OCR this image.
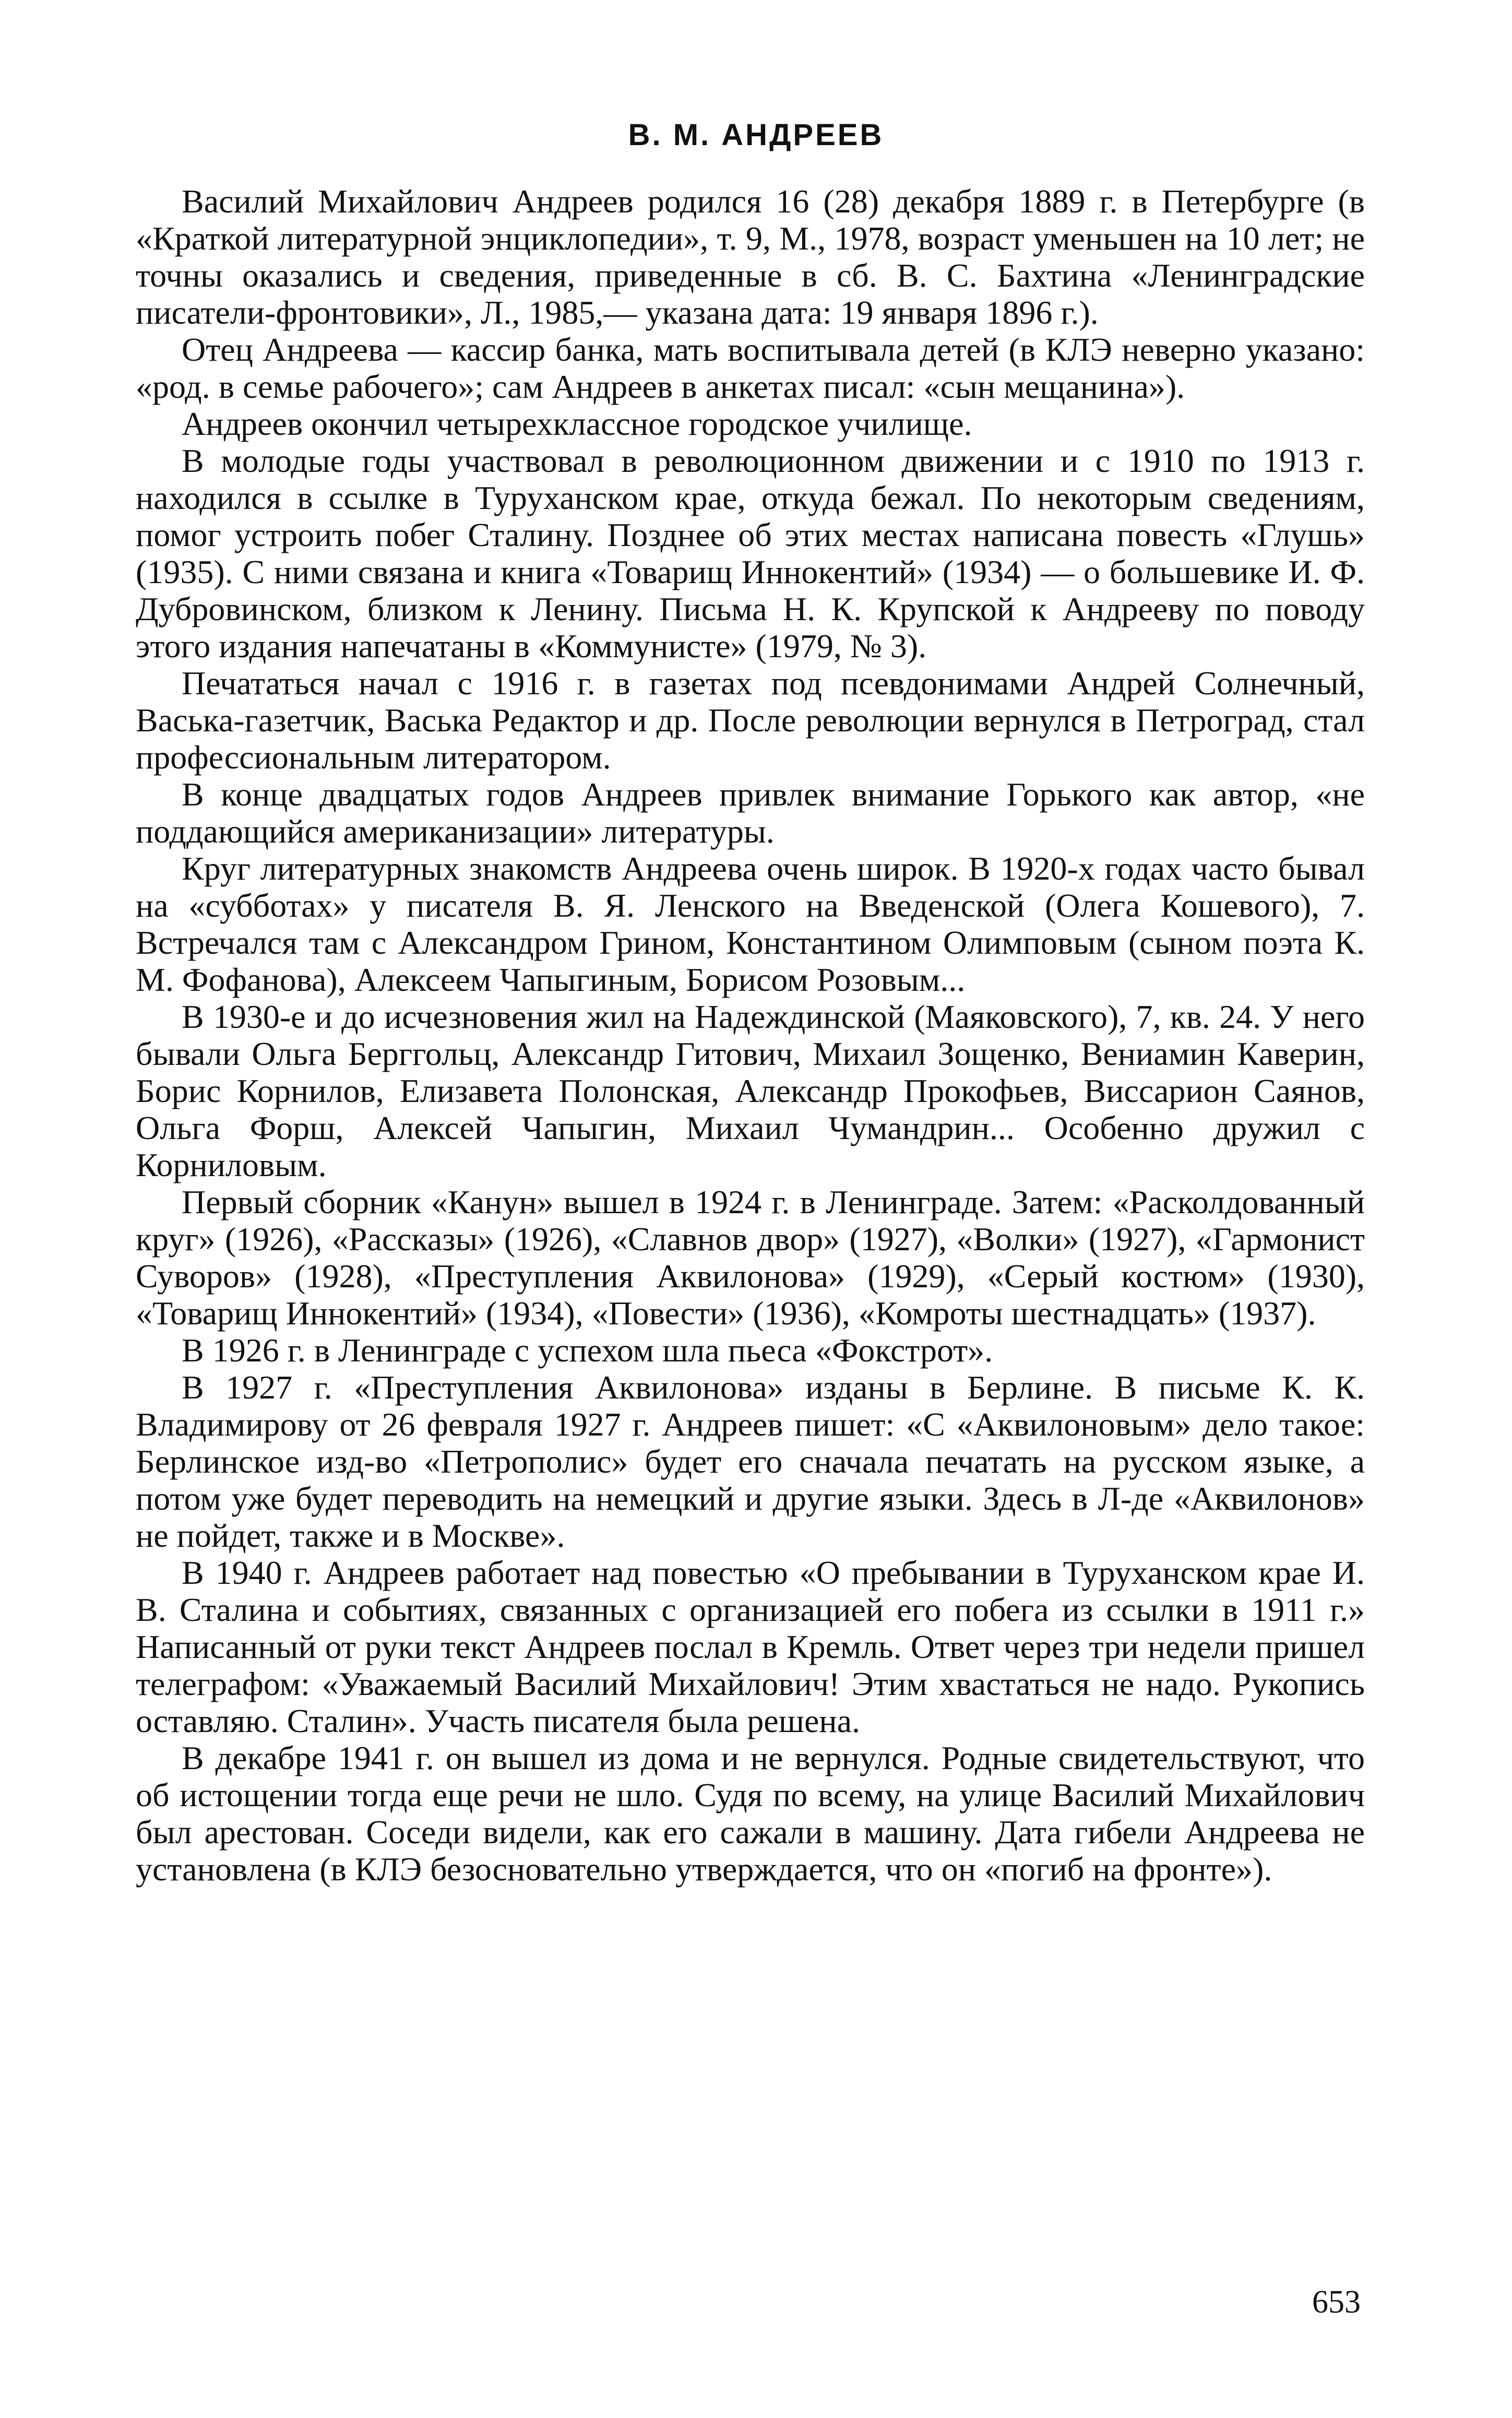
В. М. АНДРЕЕВ

Василий Михайлович Андреев родился 16 (28) декабря 1889 г. в Петербурге (в «Краткой литературной энциклопедии», т. 9, М., 1978, возраст уменьшен на 10 лет; не точны оказались и сведения, приведенные в сб. В. С. Бахтина «Ленинградские писатели-фронтовики», Л., 1985,— указана дата: 19 января 1896 г.).

Отец Андреева — кассир банка, мать воспитывала детей (в КЛЭ неверно указано: «род. в семье рабочего»; сам Андреев в анкетах писал: «сын мещанина»).

Андреев окончил четырехклассное городское училище.

В молодые годы участвовал в революционном движении и с 1910 по 1913 г. находился в ссылке в Туруханском крае, откуда бежал. По некоторым сведениям, помог устроить побег Сталину. Позднее об этих местах написана повесть «Глушь» (1935). С ними связана и книга «Товарищ Иннокентий» (1934) — о большевике И. Ф. Дубровинском, близком к Ленину. Письма Н. К. Крупской к Андрееву по поводу этого издания напечатаны в «Коммунисте» (1979, № 3).

Печататься начал с 1916 г. в газетах под псевдонимами Андрей Солнечный, Васька-газетчик, Васька Редактор и др. После революции вернулся в Петроград, стал профессиональным литератором.

В конце двадцатых годов Андреев привлек внимание Горького как автор, «не поддающийся американизации» литературы.

Круг литературных знакомств Андреева очень широк. В 1920-х годах часто бывал на «субботах» у писателя В. Я. Ленского на Введенской (Олега Кошевого), 7. Встречался там с Александром Грином, Константином Олимповым (сыном поэта К. М. Фофанова), Алексеем Чапыгиным, Борисом Розовым...

В 1930-е и до исчезновения жил на Надеждинской (Маяковского), 7, кв. 24. У него бывали Ольга Берггольц, Александр Гитович, Михаил Зощенко, Вениамин Каверин, Борис Корнилов, Елизавета Полонская, Александр Прокофьев, Виссарион Саянов, Ольга Форш, Алексей Чапыгин, Михаил Чумандрин... Особенно дружил с Корниловым.

Первый сборник «Канун» вышел в 1924 г. в Ленинграде. Затем: «Расколдованный круг» (1926), «Рассказы» (1926), «Славнов двор» (1927), «Волки» (1927), «Гармонист Суворов» (1928), «Преступления Аквилонова» (1929), «Серый костюм» (1930), «Товарищ Иннокентий» (1934), «Повести» (1936), «Комроты шестнадцать» (1937).

В 1926 г. в Ленинграде с успехом шла пьеса «Фокстрот».

В 1927 г. «Преступления Аквилонова» изданы в Берлине. В письме К. К. Владимирову от 26 февраля 1927 г. Андреев пишет: «С «Аквилоновым» дело такое: Берлинское изд-во «Петрополис» будет его сначала печатать на русском языке, а потом уже будет переводить на немецкий и другие языки. Здесь в Л-де «Аквилонов» не пойдет, также и в Москве».

В 1940 г. Андреев работает над повестью «О пребывании в Туруханском крае И. В. Сталина и событиях, связанных с организацией его побега из ссылки в 1911 г.» Написанный от руки текст Андреев послал в Кремль. Ответ через три недели пришел телеграфом: «Уважаемый Василий Михайлович! Этим хвастаться не надо. Рукопись оставляю. Сталин». Участь писателя была решена.

В декабре 1941 г. он вышел из дома и не вернулся. Родные свидетельствуют, что об истощении тогда еще речи не шло. Судя по всему, на улице Василий Михайлович был арестован. Соседи видели, как его сажали в машину. Дата гибели Андреева не установлена (в КЛЭ безосновательно утверждается, что он «погиб на фронте»).

653
